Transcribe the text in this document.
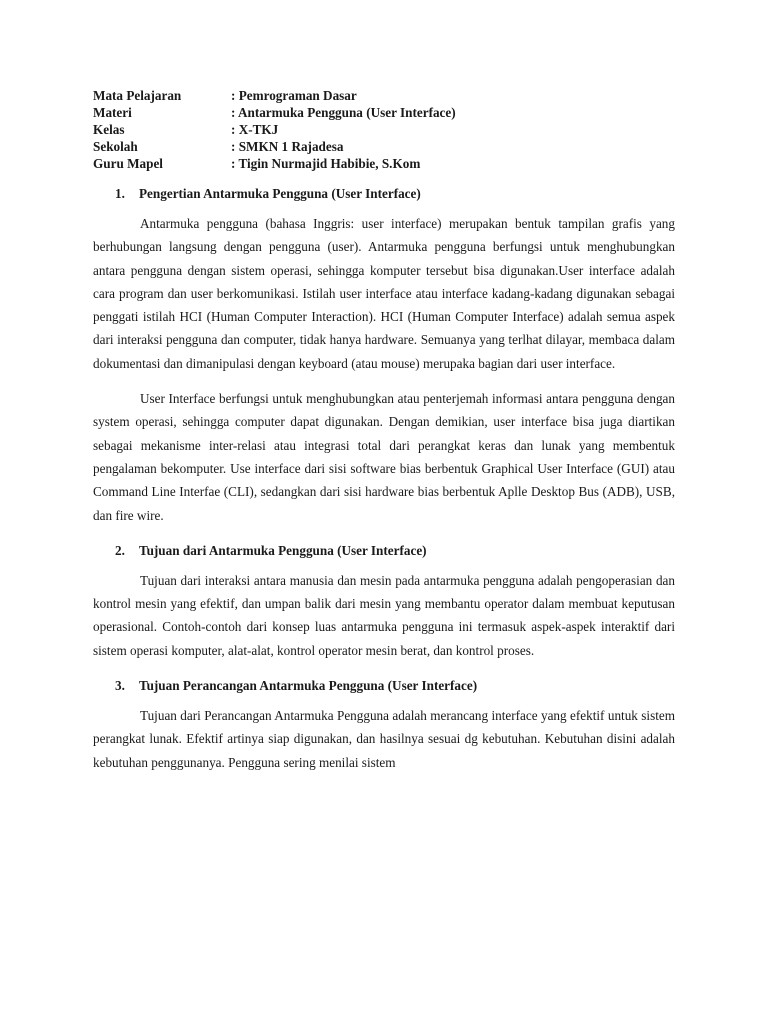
Mata Pelajaran	: Pemrograman Dasar
Materi	: Antarmuka Pengguna (User Interface)
Kelas	: X-TKJ
Sekolah	: SMKN 1 Rajadesa
Guru Mapel	: Tigin Nurmajid Habibie, S.Kom
1.	Pengertian Antarmuka Pengguna (User Interface)

Antarmuka pengguna (bahasa Inggris: user interface) merupakan bentuk tampilan grafis yang berhubungan langsung dengan pengguna (user). Antarmuka pengguna berfungsi untuk menghubungkan antara pengguna dengan sistem operasi, sehingga komputer tersebut bisa digunakan.User interface adalah cara program dan user berkomunikasi. Istilah user interface atau interface kadang-kadang digunakan sebagai penggati istilah HCI (Human Computer Interaction). HCI (Human Computer Interface) adalah semua aspek dari interaksi pengguna dan computer, tidak hanya hardware. Semuanya yang terlhat dilayar, membaca dalam dokumentasi dan dimanipulasi dengan keyboard (atau mouse) merupaka bagian dari user interface.

User Interface berfungsi untuk menghubungkan atau penterjemah informasi antara pengguna dengan system operasi, sehingga computer dapat digunakan. Dengan demikian, user interface bisa juga diartikan sebagai mekanisme inter-relasi atau integrasi total dari perangkat keras dan lunak yang membentuk pengalaman bekomputer. Use interface dari sisi software bias berbentuk Graphical User Interface (GUI) atau Command Line Interfae (CLI), sedangkan dari sisi hardware bias berbentuk Aplle Desktop Bus (ADB), USB, dan fire wire.

2.	Tujuan dari Antarmuka Pengguna (User Interface)

Tujuan dari interaksi antara manusia dan mesin pada antarmuka pengguna adalah pengoperasian dan kontrol mesin yang efektif, dan umpan balik dari mesin yang membantu operator dalam membuat keputusan operasional. Contoh-contoh dari konsep luas antarmuka pengguna ini termasuk aspek-aspek interaktif dari sistem operasi komputer, alat-alat, kontrol operator mesin berat, dan kontrol proses.

3.	Tujuan Perancangan Antarmuka Pengguna (User Interface)

Tujuan dari Perancangan Antarmuka Pengguna adalah merancang interface yang efektif untuk sistem perangkat lunak. Efektif artinya siap digunakan, dan hasilnya sesuai dg kebutuhan. Kebutuhan disini adalah kebutuhan penggunanya. Pengguna sering menilai sistem
